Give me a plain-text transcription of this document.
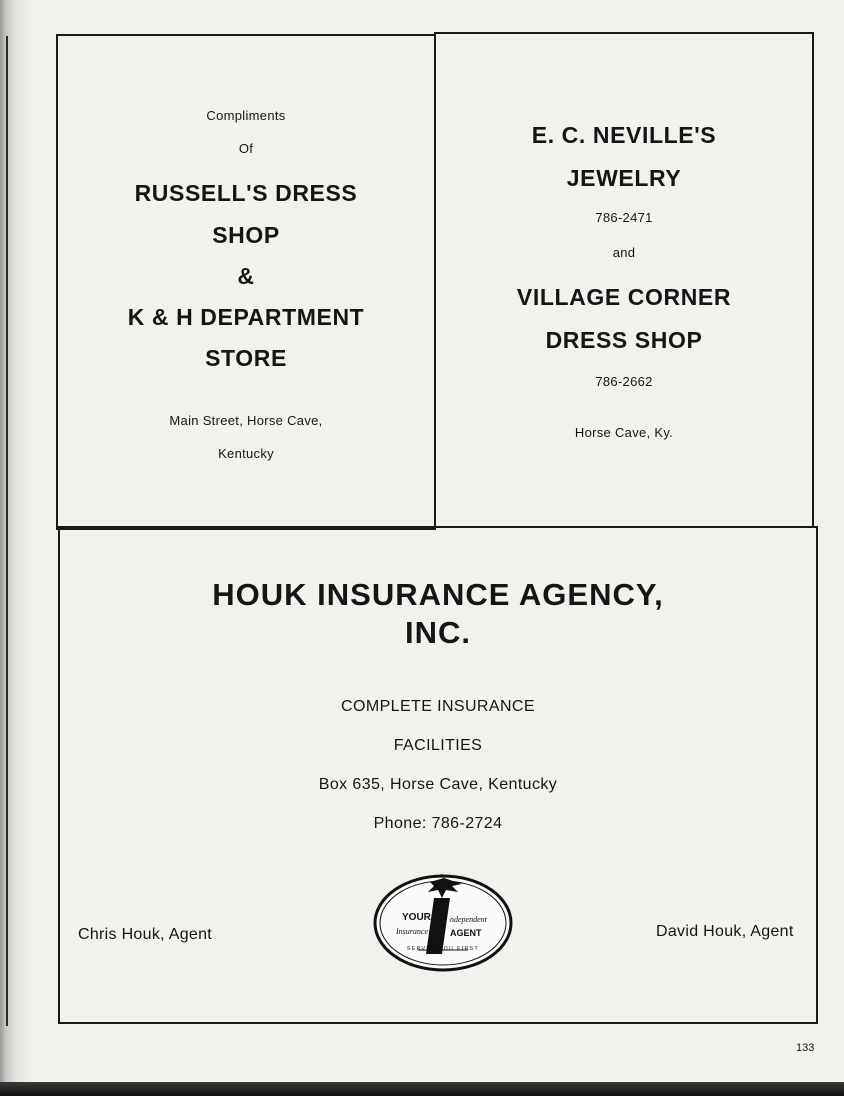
Compliments
Of
RUSSELL'S DRESS
SHOP
&
K & H DEPARTMENT
STORE
Main Street, Horse Cave,
Kentucky
E. C. NEVILLE'S
JEWELRY
786-2471
and
VILLAGE CORNER
DRESS SHOP
786-2662
Horse Cave, Ky.
HOUK INSURANCE AGENCY,
INC.
COMPLETE INSURANCE
FACILITIES
Box 635, Horse Cave, Kentucky
Phone: 786-2724
Chris Houk, Agent	David Houk, Agent
YOUR ndependent
Insurance AGENT
SERVES YOU FIRST
133
